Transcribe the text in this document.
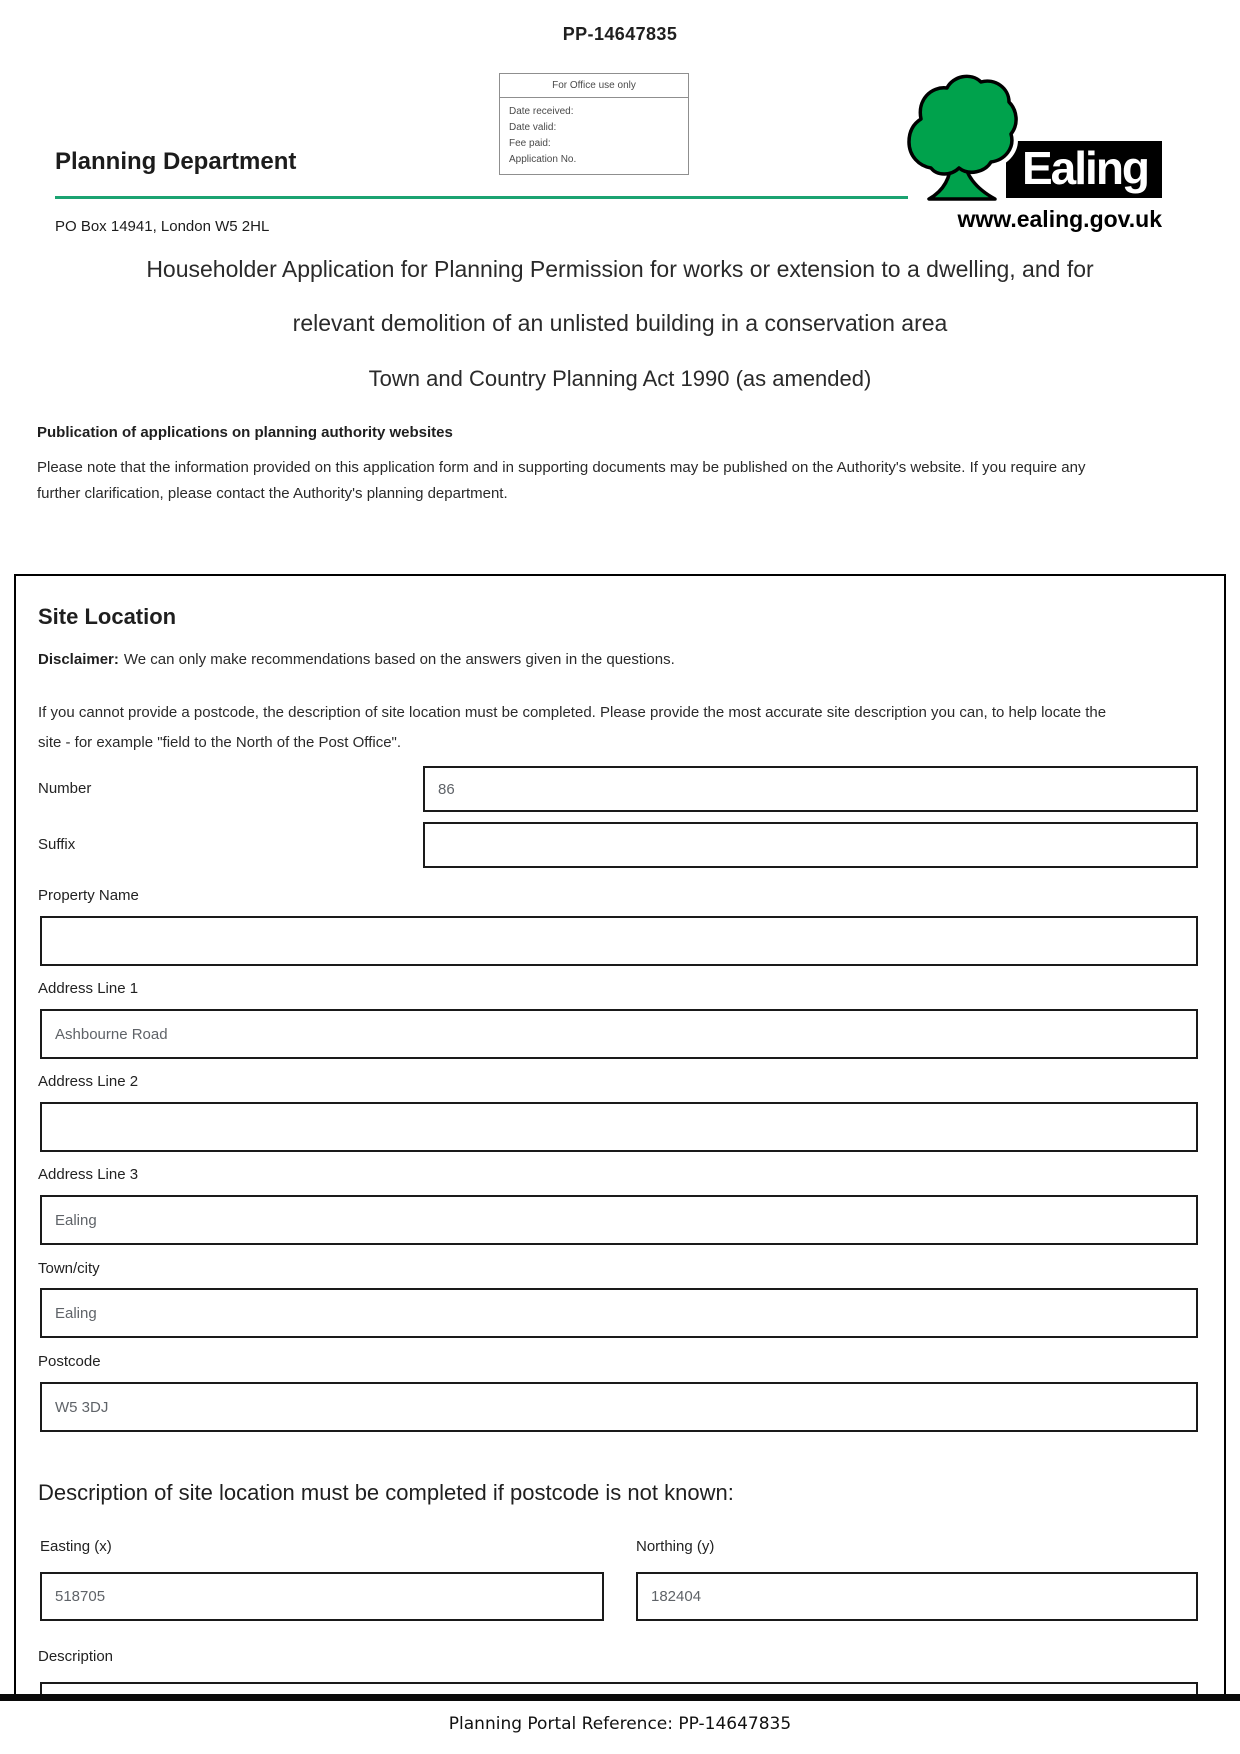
PP-14647835
For Office use only
Date received:
Date valid:
Fee paid:
Application No.
Planning Department
PO Box 14941, London W5 2HL
Ealing
www.ealing.gov.uk
Householder Application for Planning Permission for works or extension to a dwelling, and for
relevant demolition of an unlisted building in a conservation area
Town and Country Planning Act 1990 (as amended)
Publication of applications on planning authority websites
Please note that the information provided on this application form and in supporting documents may be published on the Authority's website. If you require any further clarification, please contact the Authority's planning department.
Site Location
Disclaimer: We can only make recommendations based on the answers given in the questions.
If you cannot provide a postcode, the description of site location must be completed. Please provide the most accurate site description you can, to help locate the site - for example "field to the North of the Post Office".
Number
86
Suffix
Property Name
Address Line 1
Ashbourne Road
Address Line 2
Address Line 3
Ealing
Town/city
Ealing
Postcode
W5 3DJ
Description of site location must be completed if postcode is not known:
Easting (x)	Northing (y)
518705
182404
Description
Planning Portal Reference: PP-14647835
